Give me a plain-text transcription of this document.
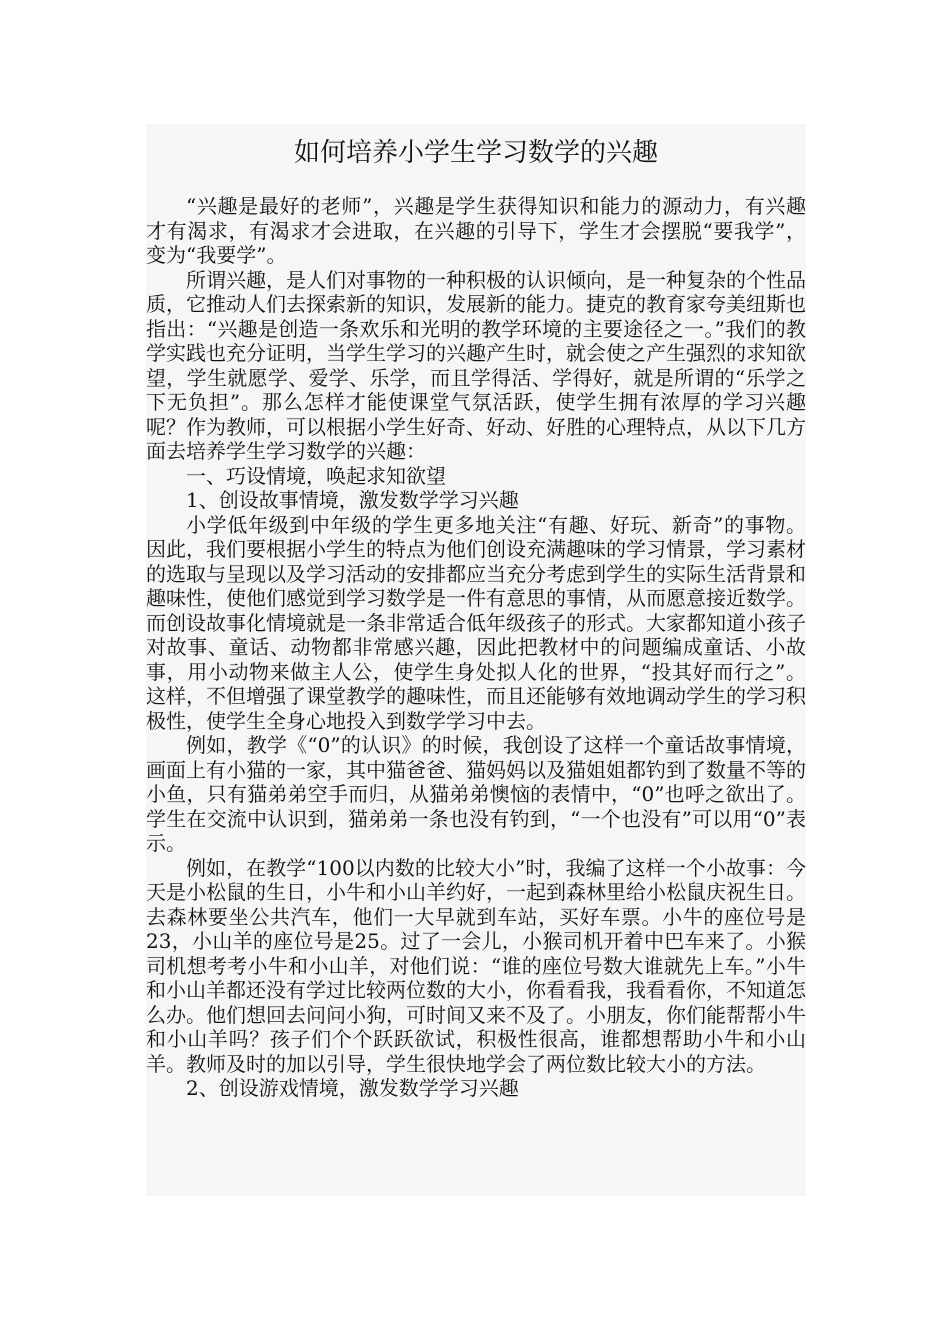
如何培养小学生学习数学的兴趣

“兴趣是最好的老师”，兴趣是学生获得知识和能力的源动力，有兴趣才有渴求，有渴求才会进取，在兴趣的引导下，学生才会摆脱“要我学”，变为“我要学”。

所谓兴趣，是人们对事物的一种积极的认识倾向，是一种复杂的个性品质，它推动人们去探索新的知识，发展新的能力。捷克的教育家夸美纽斯也指出：“兴趣是创造一条欢乐和光明的教学环境的主要途径之一。”我们的教学实践也充分证明，当学生学习的兴趣产生时，就会使之产生强烈的求知欲望，学生就愿学、爱学、乐学，而且学得活、学得好，就是所谓的“乐学之下无负担”。那么怎样才能使课堂气氛活跃，使学生拥有浓厚的学习兴趣呢？作为教师，可以根据小学生好奇、好动、好胜的心理特点，从以下几方面去培养学生学习数学的兴趣：

一、巧设情境，唤起求知欲望

1、创设故事情境，激发数学学习兴趣

小学低年级到中年级的学生更多地关注“有趣、好玩、新奇”的事物。因此，我们要根据小学生的特点为他们创设充满趣味的学习情景，学习素材的选取与呈现以及学习活动的安排都应当充分考虑到学生的实际生活背景和趣味性，使他们感觉到学习数学是一件有意思的事情，从而愿意接近数学。而创设故事化情境就是一条非常适合低年级孩子的形式。大家都知道小孩子对故事、童话、动物都非常感兴趣，因此把教材中的问题编成童话、小故事，用小动物来做主人公，使学生身处拟人化的世界，“投其好而行之”。这样，不但增强了课堂教学的趣味性，而且还能够有效地调动学生的学习积极性，使学生全身心地投入到数学学习中去。

例如，教学《“0”的认识》的时候，我创设了这样一个童话故事情境，画面上有小猫的一家，其中猫爸爸、猫妈妈以及猫姐姐都钓到了数量不等的小鱼，只有猫弟弟空手而归，从猫弟弟懊恼的表情中，“0”也呼之欲出了。学生在交流中认识到，猫弟弟一条也没有钓到，“一个也没有”可以用“0”表示。

例如，在教学“100以内数的比较大小”时，我编了这样一个小故事：今天是小松鼠的生日，小牛和小山羊约好，一起到森林里给小松鼠庆祝生日。去森林要坐公共汽车，他们一大早就到车站，买好车票。小牛的座位号是23，小山羊的座位号是25。过了一会儿，小猴司机开着中巴车来了。小猴司机想考考小牛和小山羊，对他们说：“谁的座位号数大谁就先上车。”小牛和小山羊都还没有学过比较两位数的大小，你看看我，我看看你，不知道怎么办。他们想回去问问小狗，可时间又来不及了。小朋友，你们能帮帮小牛和小山羊吗？孩子们个个跃跃欲试，积极性很高，谁都想帮助小牛和小山羊。教师及时的加以引导，学生很快地学会了两位数比较大小的方法。

2、创设游戏情境，激发数学学习兴趣
